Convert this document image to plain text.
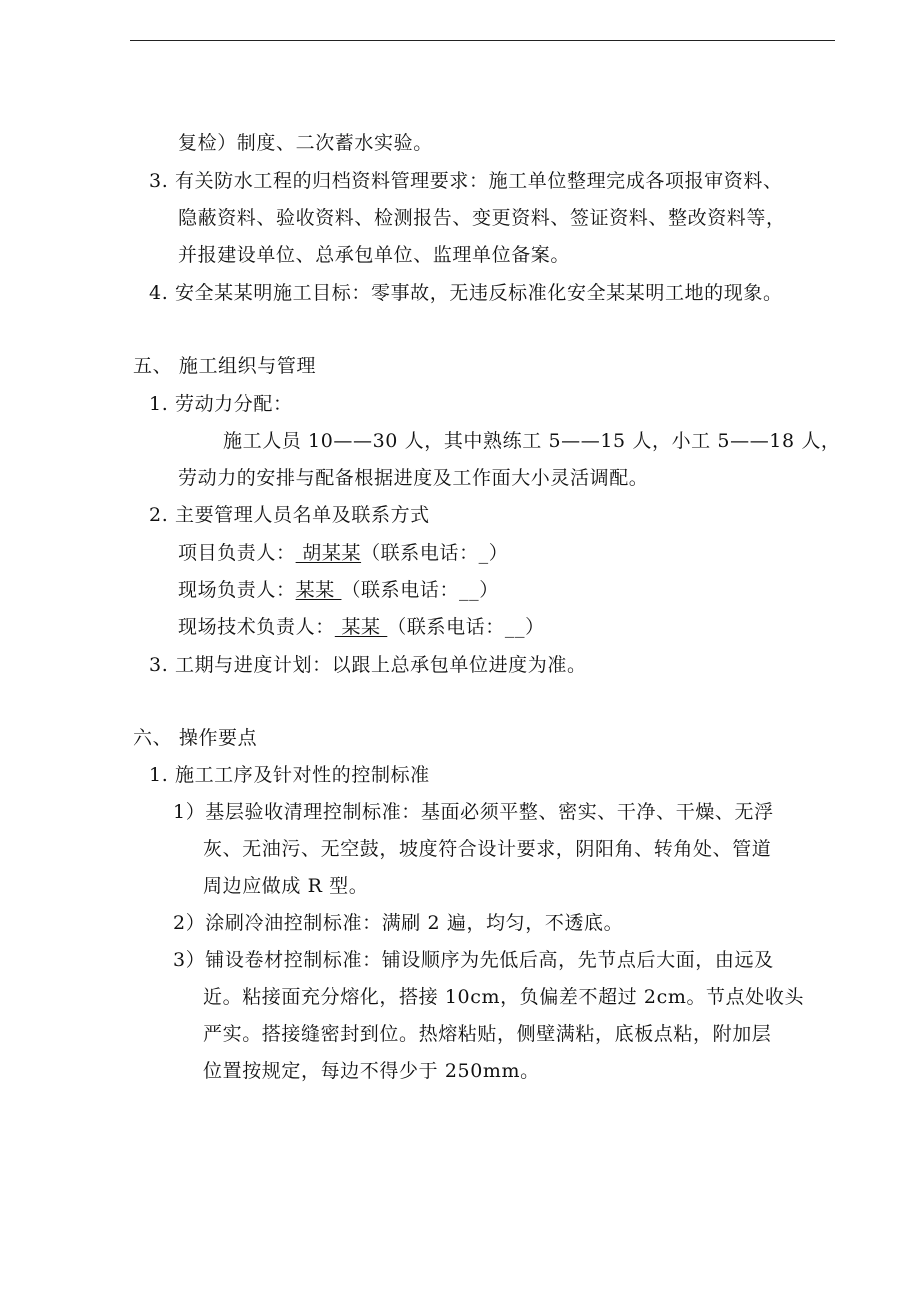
复检）制度、二次蓄水实验。
3. 有关防水工程的归档资料管理要求：施工单位整理完成各项报审资料、
隐蔽资料、验收资料、检测报告、变更资料、签证资料、整改资料等，
并报建设单位、总承包单位、监理单位备案。
4. 安全某某明施工目标：零事故，无违反标准化安全某某明工地的现象。
五、 施工组织与管理
1. 劳动力分配：
施工人员 10——30 人，其中熟练工 5——15 人，小工 5——18 人，
劳动力的安排与配备根据进度及工作面大小灵活调配。
2. 主要管理人员名单及联系方式
项目负责人： 胡某某（联系电话：_）
现场负责人：某某 （联系电话：__）
现场技术负责人： 某某 （联系电话：__）
3. 工期与进度计划：以跟上总承包单位进度为准。
六、 操作要点
1. 施工工序及针对性的控制标准
1）基层验收清理控制标准：基面必须平整、密实、干净、干燥、无浮
灰、无油污、无空鼓，坡度符合设计要求，阴阳角、转角处、管道
周边应做成 R 型。
2）涂刷冷油控制标准：满刷 2 遍，均匀，不透底。
3）铺设卷材控制标准：铺设顺序为先低后高，先节点后大面，由远及
近。粘接面充分熔化，搭接 10cm，负偏差不超过 2cm。节点处收头
严实。搭接缝密封到位。热熔粘贴，侧壁满粘，底板点粘，附加层
位置按规定，每边不得少于 250mm。
